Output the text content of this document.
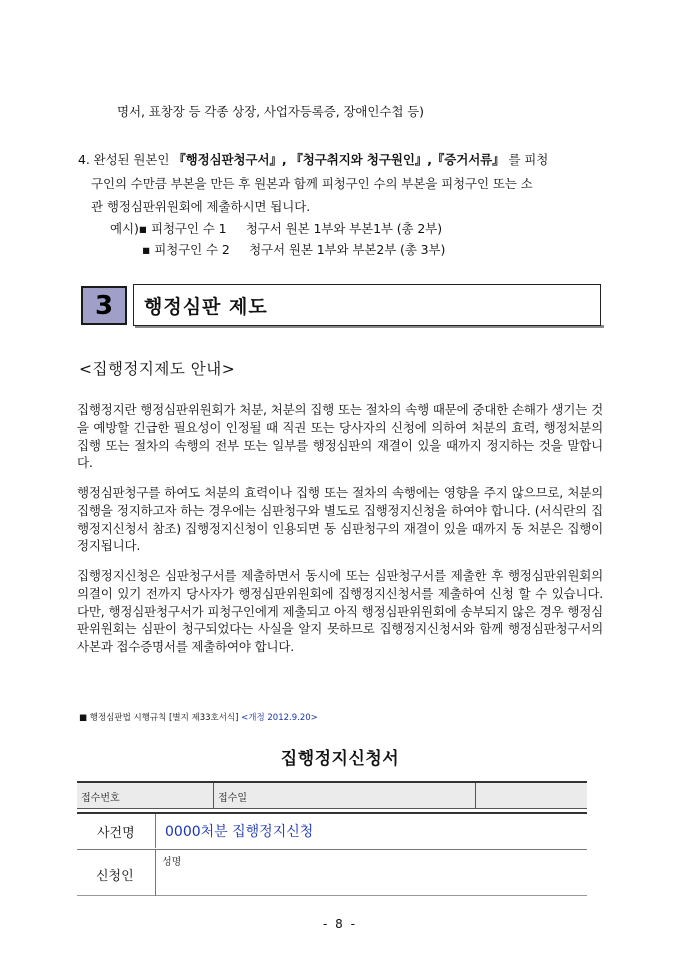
명서, 표창장 등 각종 상장, 사업자등록증, 장애인수첩 등)
4. 완성된 원본인 『행정심판청구서』, 『청구취지와 청구원인』,『증거서류』 를 피청
구인의 수만큼 부본을 만든 후 원본과 함께 피청구인 수의 부본을 피청구인 또는 소
관 행정심판위원회에 제출하시면 됩니다.
예시)▪ 피청구인 수 1     청구서 원본 1부와 부본1부 (총 2부)
▪ 피청구인 수 2     청구서 원본 1부와 부본2부 (총 3부)
3	행정심판 제도
<집행정지제도 안내>
집행정지란 행정심판위원회가 처분, 처분의 집행 또는 절차의 속행 때문에 중대한 손해가 생기는 것을 예방할 긴급한 필요성이 인정될 때 직권 또는 당사자의 신청에 의하여 처분의 효력, 행정처분의 집행 또는 절차의 속행의 전부 또는 일부를 행정심판의 재결이 있을 때까지 정지하는 것을 말합니다.
행정심판청구를 하여도 처분의 효력이나 집행 또는 절차의 속행에는 영향을 주지 않으므로, 처분의 집행을 정지하고자 하는 경우에는 심판청구와 별도로 집행정지신청을 하여야 합니다. (서식란의 집행정지신청서 참조) 집행정지신청이 인용되면 동 심판청구의 재결이 있을 때까지 동 처분은 집행이 정지됩니다.
집행정지신청은 심판청구서를 제출하면서 동시에 또는 심판청구서를 제출한 후 행정심판위원회의 의결이 있기 전까지 당사자가 행정심판위원회에 집행정지신청서를 제출하여 신청 할 수 있습니다. 다만, 행정심판청구서가 피청구인에게 제출되고 아직 행정심판위원회에 송부되지 않은 경우 행정심판위원회는 심판이 청구되었다는 사실을 알지 못하므로 집행정지신청서와 함께 행정심판청구서의 사본과 접수증명서를 제출하여야 합니다.
■ 행정심판법 시행규칙 [별지 제33호서식] <개정 2012.9.20>
집행정지신청서
접수번호	접수일	
사건명 0000처분 집행정지신청
신청인
성명
- 8 -
